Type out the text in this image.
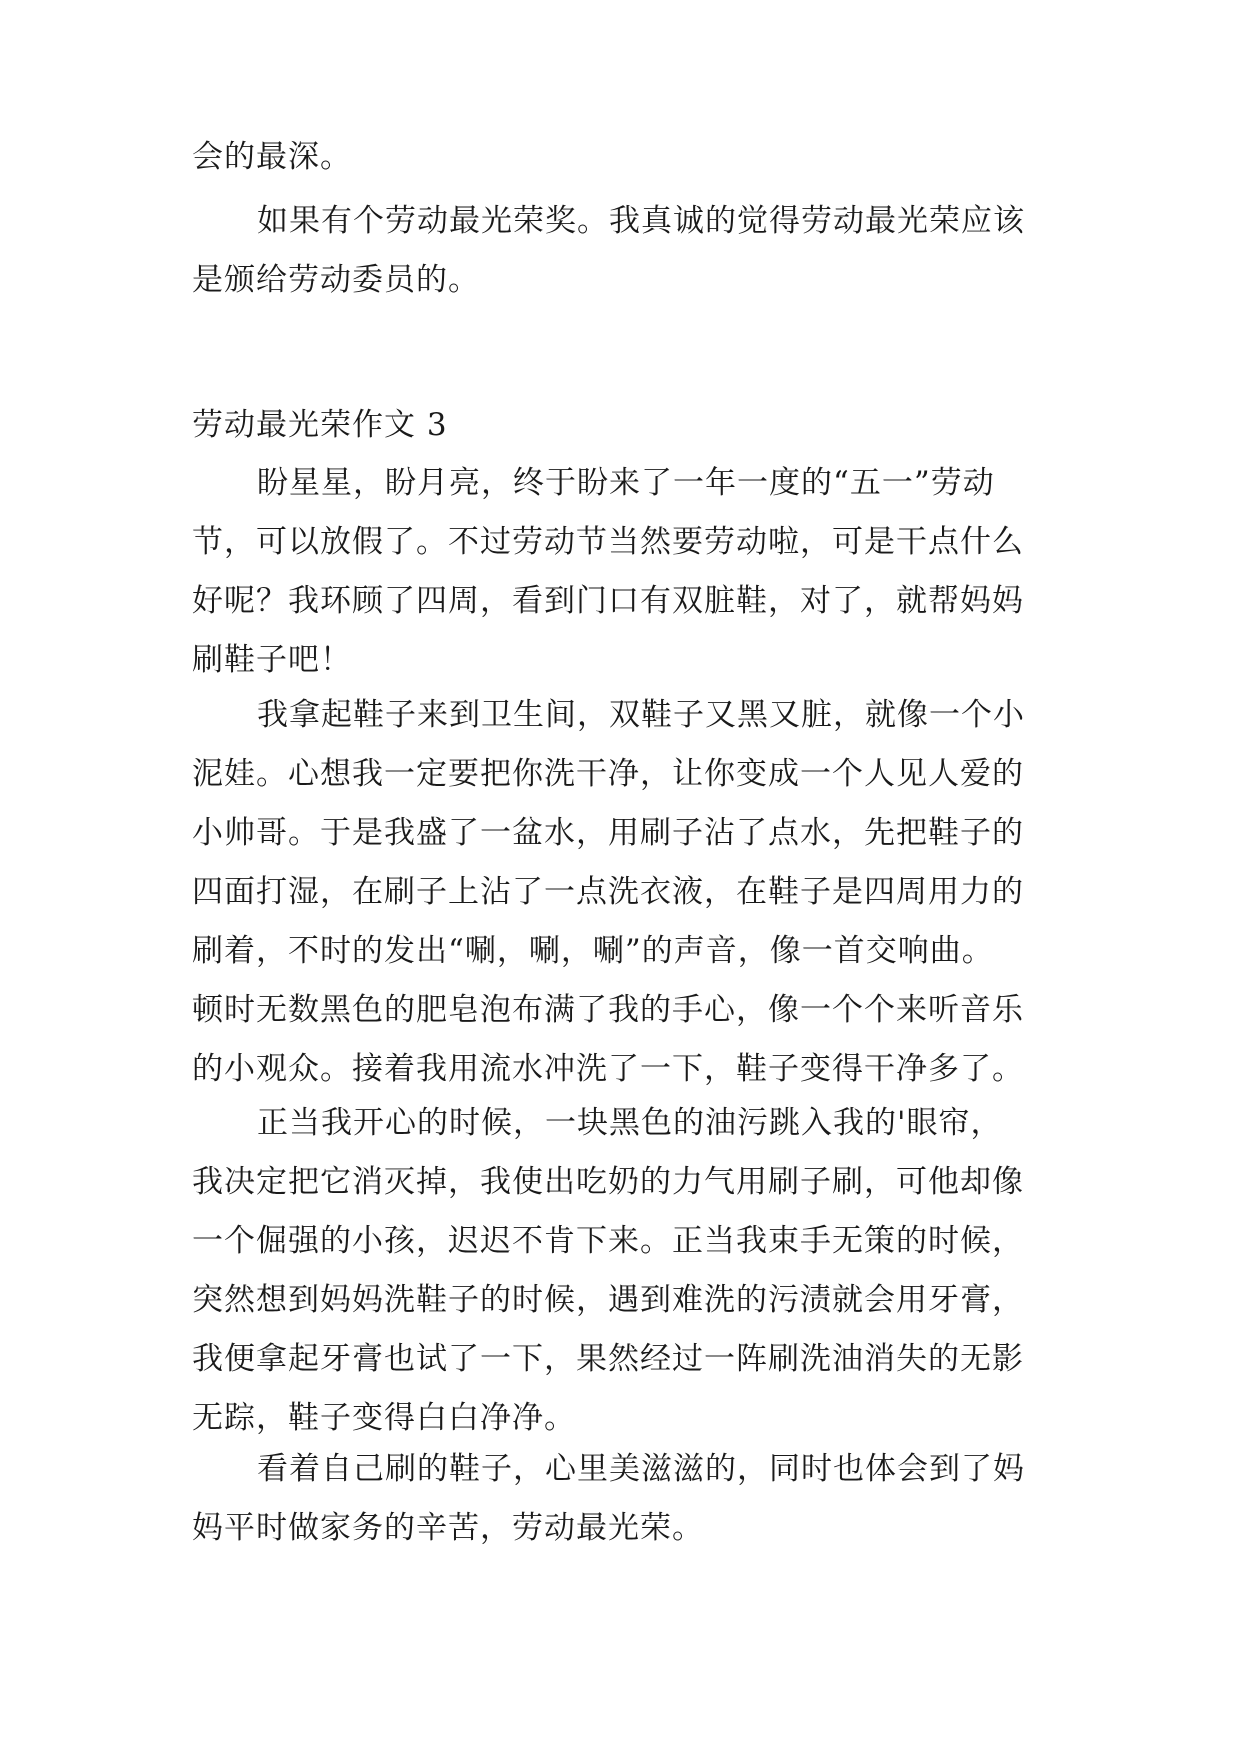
会的最深。
如果有个劳动最光荣奖。我真诚的觉得劳动最光荣应该
是颁给劳动委员的。
劳动最光荣作文 3
盼星星，盼月亮，终于盼来了一年一度的“五一”劳动
节，可以放假了。不过劳动节当然要劳动啦，可是干点什么
好呢？我环顾了四周，看到门口有双脏鞋，对了，就帮妈妈
刷鞋子吧！
我拿起鞋子来到卫生间，双鞋子又黑又脏，就像一个小
泥娃。心想我一定要把你洗干净，让你变成一个人见人爱的
小帅哥。于是我盛了一盆水，用刷子沾了点水，先把鞋子的
四面打湿，在刷子上沾了一点洗衣液，在鞋子是四周用力的
刷着，不时的发出“唰，唰，唰”的声音，像一首交响曲。
顿时无数黑色的肥皂泡布满了我的手心，像一个个来听音乐
的小观众。接着我用流水冲洗了一下，鞋子变得干净多了。
正当我开心的时候，一块黑色的油污跳入我的'眼帘，
我决定把它消灭掉，我使出吃奶的力气用刷子刷，可他却像
一个倔强的小孩，迟迟不肯下来。正当我束手无策的时候，
突然想到妈妈洗鞋子的时候，遇到难洗的污渍就会用牙膏，
我便拿起牙膏也试了一下，果然经过一阵刷洗油消失的无影
无踪，鞋子变得白白净净。
看着自己刷的鞋子，心里美滋滋的，同时也体会到了妈
妈平时做家务的辛苦，劳动最光荣。
